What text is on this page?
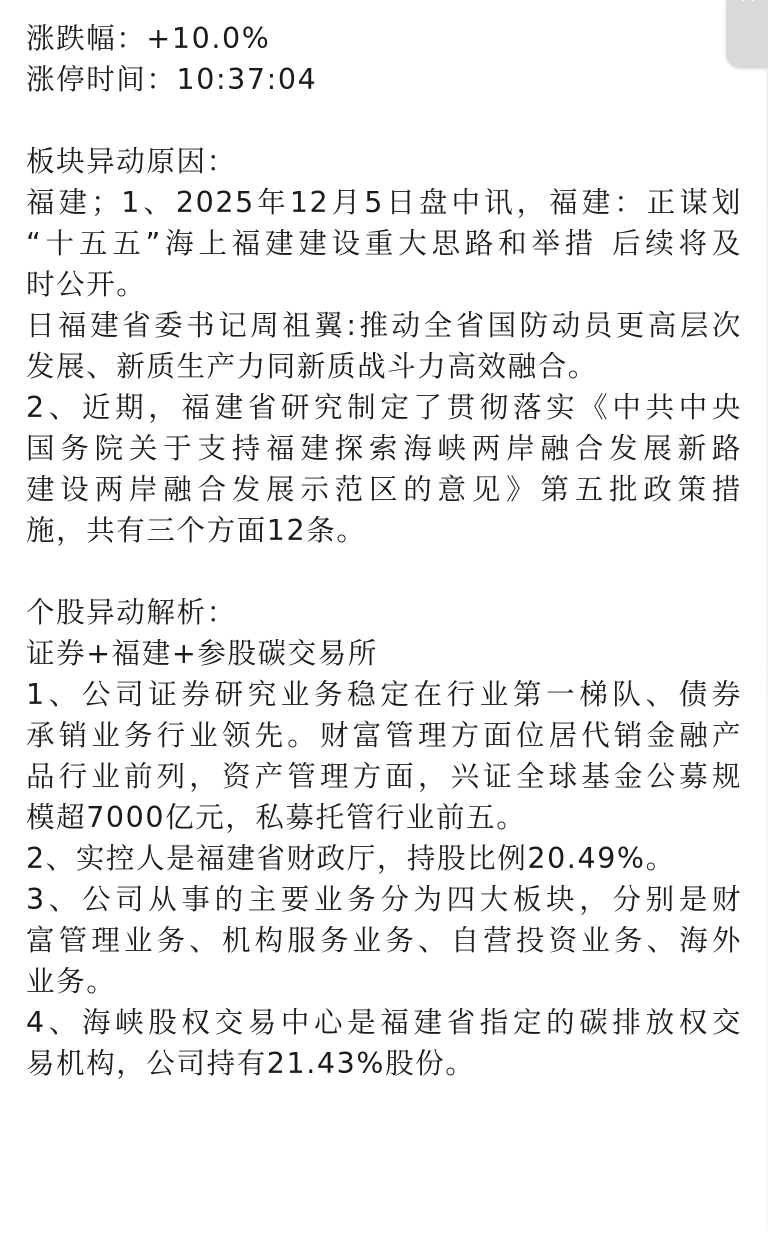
涨跌幅：+10.0%
涨停时间：10:37:04
板块异动原因：
福建；1、2025年12月5日盘中讯，福建：正谋划
“十五五”海上福建建设重大思路和举措 后续将及
时公开。
日福建省委书记周祖翼:推动全省国防动员更高层次
发展、新质生产力同新质战斗力高效融合。
2、近期，福建省研究制定了贯彻落实《中共中央
国务院关于支持福建探索海峡两岸融合发展新路
建设两岸融合发展示范区的意见》第五批政策措
施，共有三个方面12条。
个股异动解析：
证券+福建+参股碳交易所
1、公司证券研究业务稳定在行业第一梯队、债券
承销业务行业领先。财富管理方面位居代销金融产
品行业前列，资产管理方面，兴证全球基金公募规
模超7000亿元，私募托管行业前五。
2、实控人是福建省财政厅，持股比例20.49%。
3、公司从事的主要业务分为四大板块，分别是财
富管理业务、机构服务业务、自营投资业务、海外
业务。
4、海峡股权交易中心是福建省指定的碳排放权交
易机构，公司持有21.43%股份。
